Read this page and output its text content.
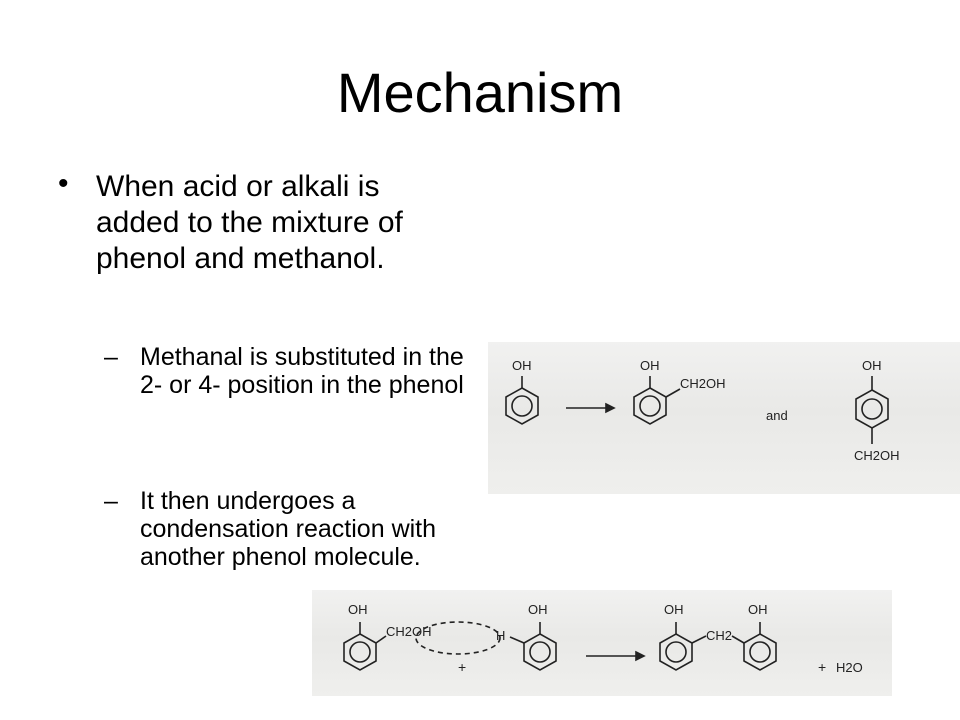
Mechanism
• When acid or alkali is added to the mixture of phenol and methanol.
– Methanal is substituted in the 2- or 4- position in the phenol
– It then undergoes a condensation reaction with another phenol molecule.
OH	OH
CH2OH
and
OH
CH2OH
OH
CH2OH	H
+
OH	OH
CH2
OH
+ H2O
